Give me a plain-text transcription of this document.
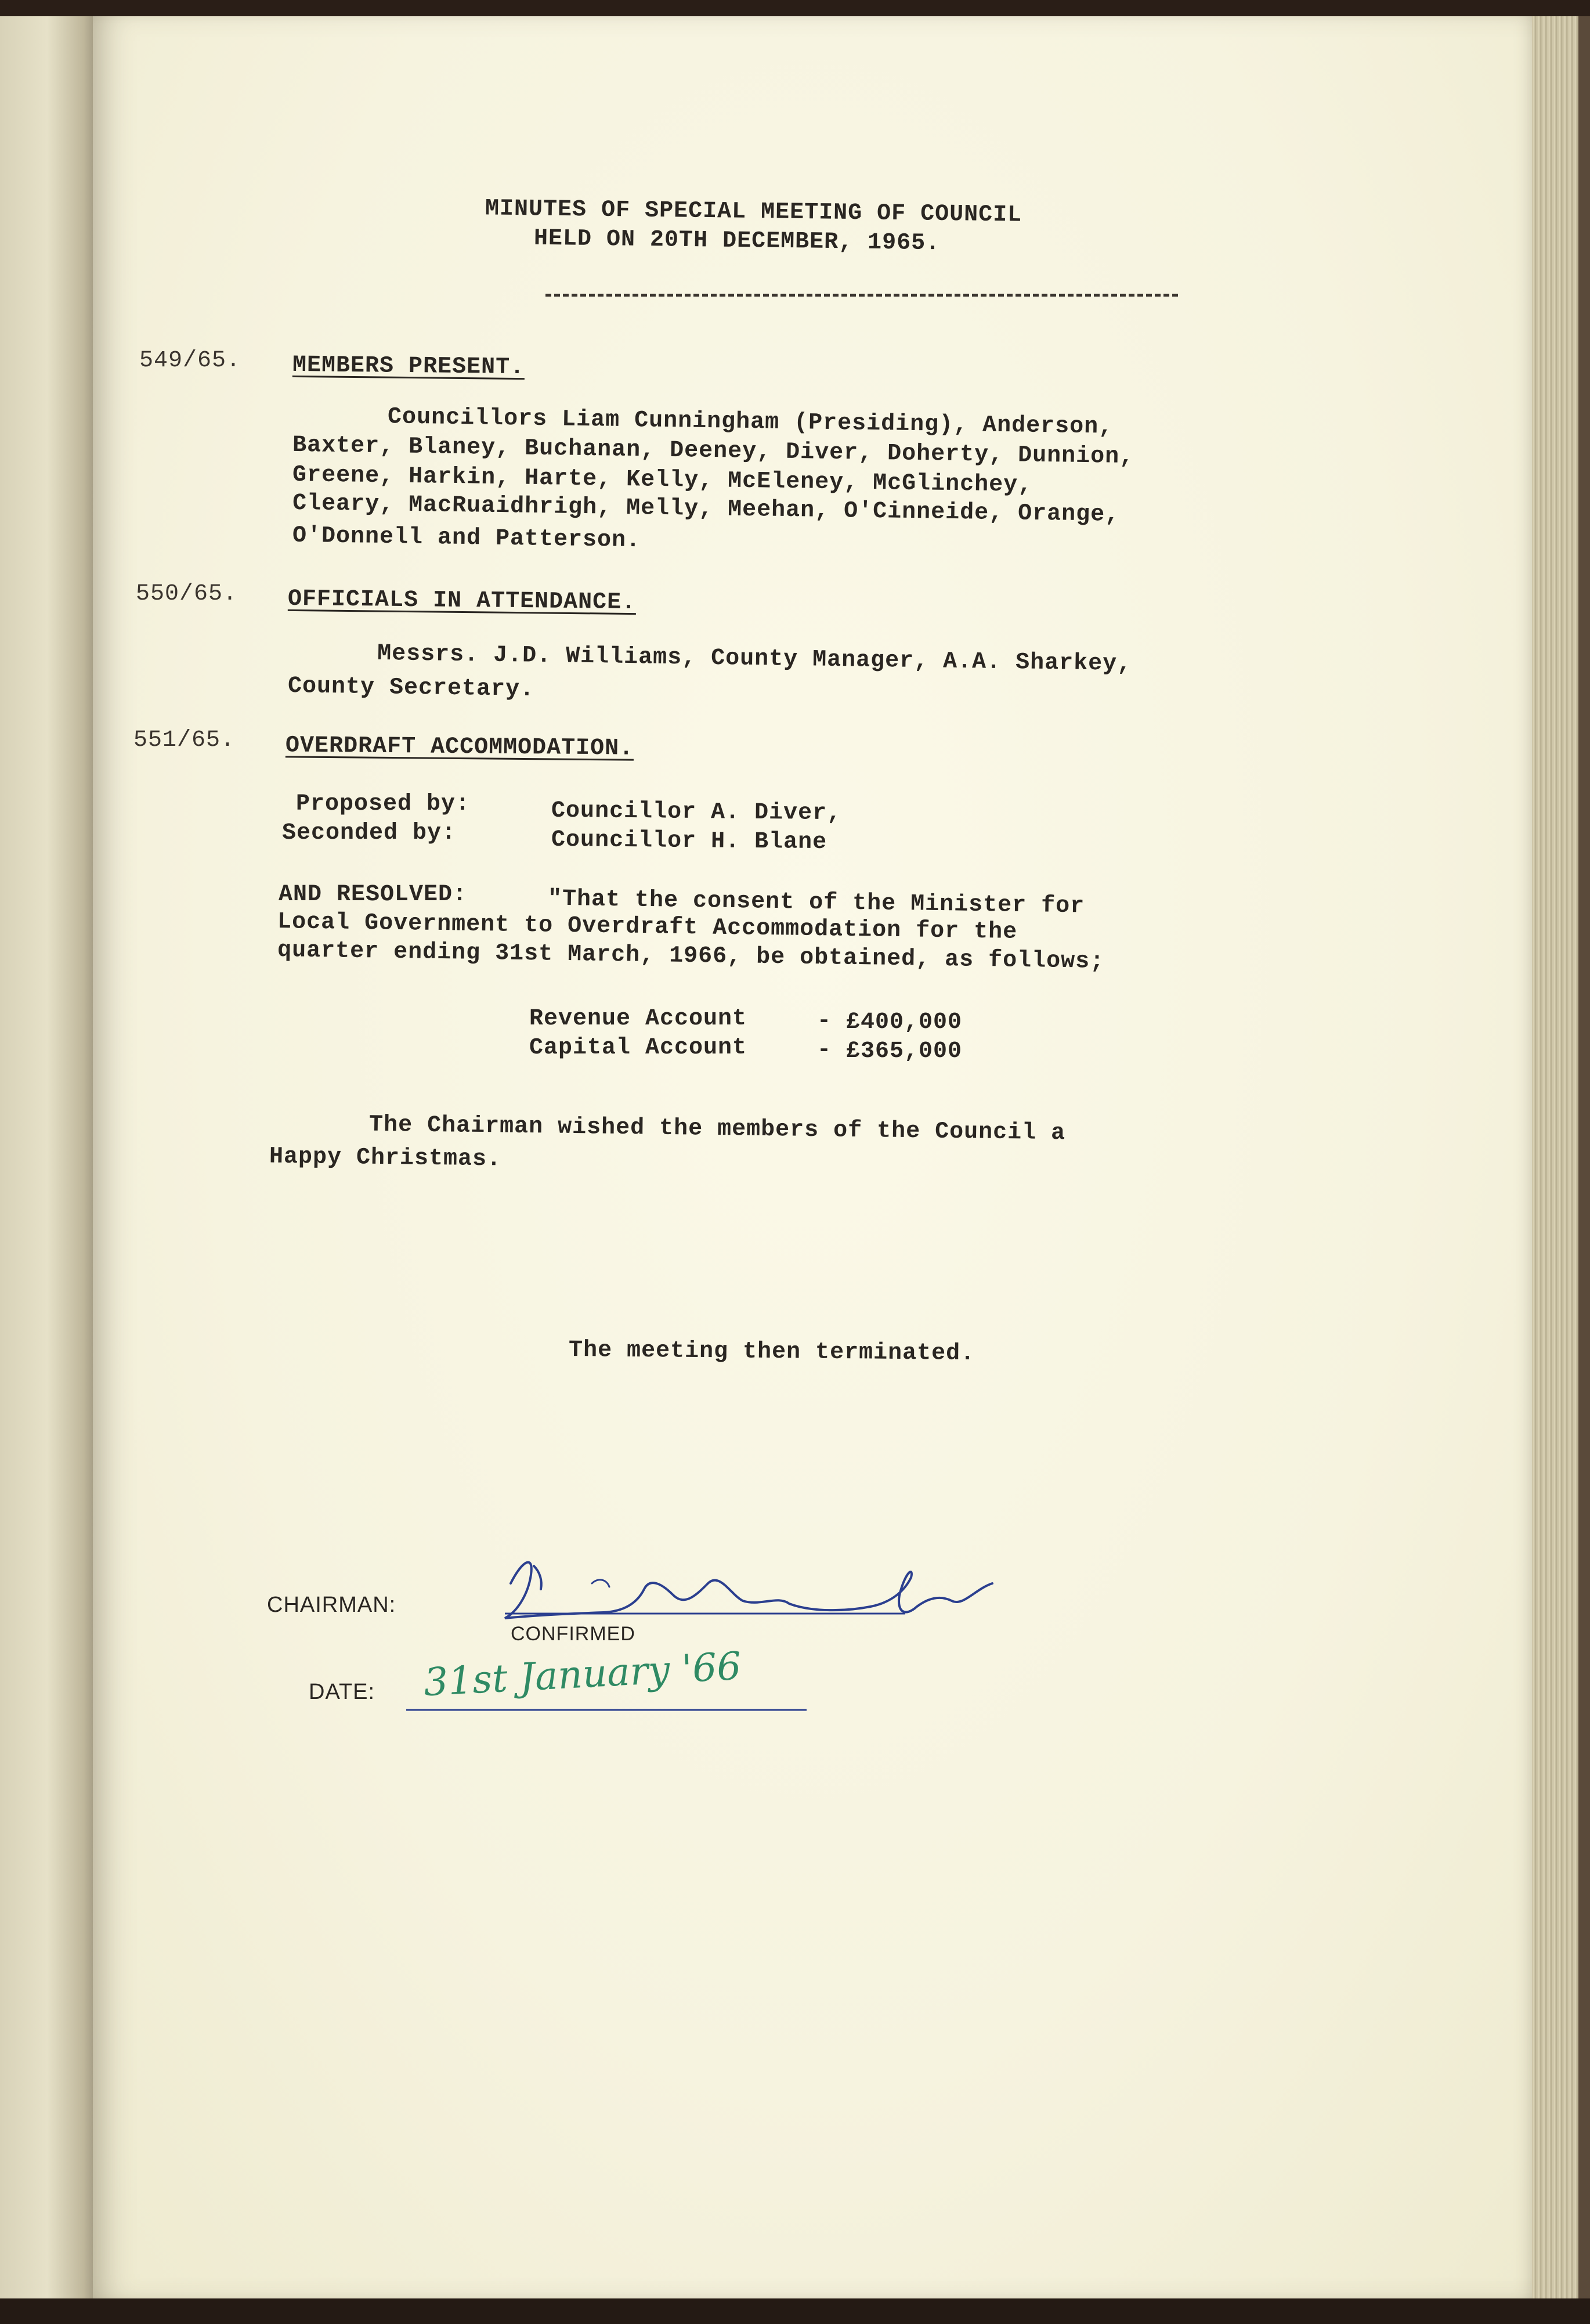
MINUTES OF SPECIAL MEETING OF COUNCIL
HELD ON 20TH DECEMBER, 1965.
549/65. MEMBERS PRESENT.
Councillors Liam Cunningham (Presiding), Anderson,
Baxter, Blaney, Buchanan, Deeney, Diver, Doherty, Dunnion,
Greene, Harkin, Harte, Kelly, McEleney, McGlinchey,
Cleary, MacRuaidhrigh, Melly, Meehan, O'Cinneide, Orange,
O'Donnell and Patterson.
550/65. OFFICIALS IN ATTENDANCE.
Messrs. J.D. Williams, County Manager, A.A. Sharkey,
County Secretary.
551/65. OVERDRAFT ACCOMMODATION.
Proposed by:	Councillor A. Diver,
Seconded by:	Councillor H. Blane
AND RESOLVED:	"That the consent of the Minister for
Local Government to Overdraft Accommodation for the
quarter ending 31st March, 1966, be obtained, as follows;
Revenue Account	- £400,000
Capital Account	- £365,000
The Chairman wished the members of the Council a
Happy Christmas.
The meeting then terminated.
CHAIRMAN:
CONFIRMED
DATE: 31st January '66
